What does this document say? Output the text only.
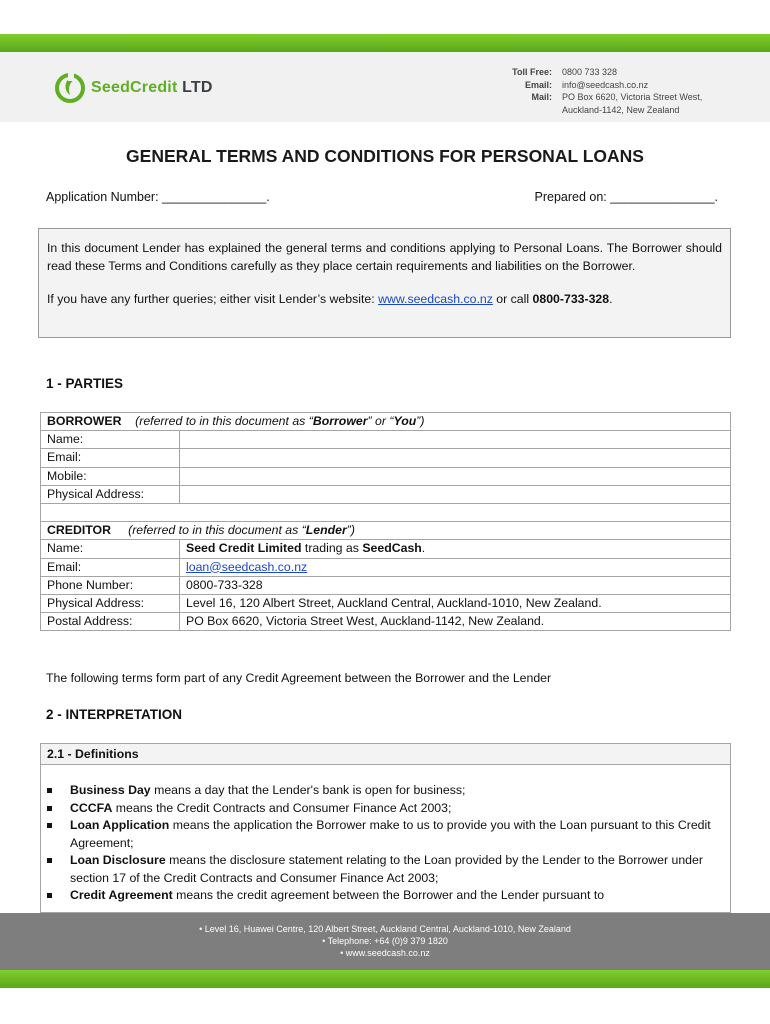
SeedCredit LTD
Toll Free:	0800 733 328
Email:	info@seedcash.co.nz
Mail:	PO Box 6620, Victoria Street West,
Auckland-1142, New Zealand
GENERAL TERMS AND CONDITIONS FOR PERSONAL LOANS
Application Number: _______________.	Prepared on: _______________.

In this document Lender has explained the general terms and conditions applying to Personal Loans. The Borrower should read these Terms and Conditions carefully as they place certain requirements and liabilities on the Borrower.

If you have any further queries; either visit Lender’s website: www.seedcash.co.nz or call 0800-733-328.

1 - PARTIES
BORROWER (referred to in this document as “Borrower” or “You”)	
Name:	
Email:	
Mobile:	
Physical Address:	

CREDITOR (referred to in this document as “Lender”)	
Name:	Seed Credit Limited trading as SeedCash.
Email:	loan@seedcash.co.nz
Phone Number:	0800-733-328
Physical Address:	Level 16, 120 Albert Street, Auckland Central, Auckland-1010, New Zealand.
Postal Address:	PO Box 6620, Victoria Street West, Auckland-1142, New Zealand.
The following terms form part of any Credit Agreement between the Borrower and the Lender
2 - INTERPRETATION
2.1 - Definitions
Business Day means a day that the Lender's bank is open for business;
CCCFA means the Credit Contracts and Consumer Finance Act 2003;
Loan Application means the application the Borrower make to us to provide you with the Loan pursuant to this Credit Agreement;
Loan Disclosure means the disclosure statement relating to the Loan provided by the Lender to the Borrower under section 17 of the Credit Contracts and Consumer Finance Act 2003;
Credit Agreement means the credit agreement between the Borrower and the Lender pursuant to
• Level 16, Huawei Centre, 120 Albert Street, Auckland Central, Auckland-1010, New Zealand
• Telephone: +64 (0)9 379 1820
• www.seedcash.co.nz
